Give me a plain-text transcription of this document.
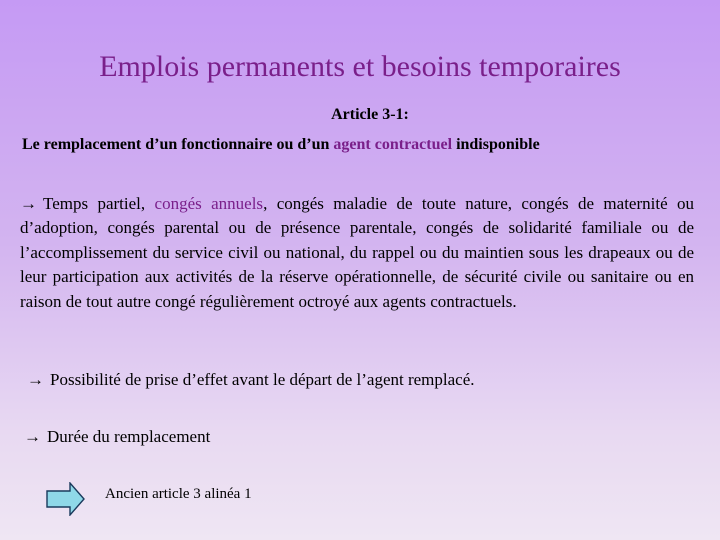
Emplois permanents et besoins temporaires
Article 3-1:
Le remplacement d’un fonctionnaire ou d’un agent contractuel indisponible
→ Temps partiel, congés annuels, congés maladie de toute nature, congés de maternité ou d’adoption, congés parental ou de présence parentale, congés de solidarité familiale ou de l’accomplissement du service civil ou national, du rappel ou du maintien sous les drapeaux ou de leur participation aux activités de la réserve opérationnelle, de sécurité civile ou sanitaire ou en raison de tout autre congé régulièrement octroyé aux agents contractuels.
→ Possibilité de prise d’effet avant le départ de l’agent remplacé.
→ Durée du remplacement
Ancien article 3 alinéa 1
